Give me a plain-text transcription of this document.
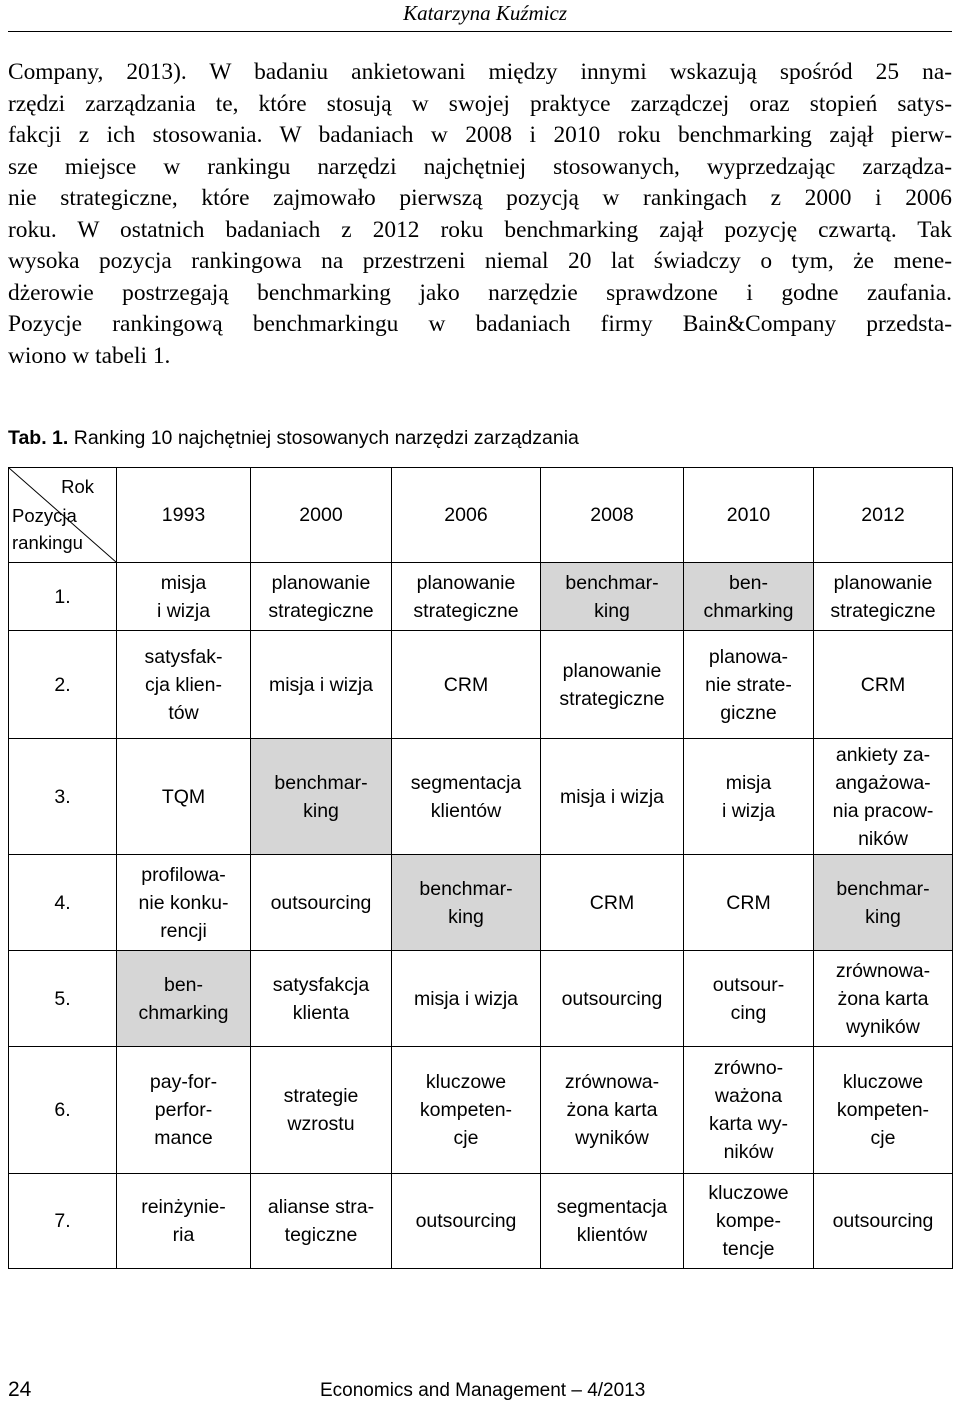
Katarzyna Kuźmicz
Company, 2013). W badaniu ankietowani między innymi wskazują spośród 25 na-
rzędzi zarządzania te, które stosują w swojej praktyce zarządczej oraz stopień satys-
fakcji z ich stosowania. W badaniach w 2008 i 2010 roku benchmarking zajął pierw-
sze miejsce w rankingu narzędzi najchętniej stosowanych, wyprzedzając zarządza-
nie strategiczne, które zajmowało pierwszą pozycją w rankingach z 2000 i 2006
roku. W ostatnich badaniach z 2012 roku benchmarking zajął pozycję czwartą. Tak
wysoka pozycja rankingowa na przestrzeni niemal 20 lat świadczy o tym, że mene-
dżerowie postrzegają benchmarking jako narzędzie sprawdzone i godne zaufania.
Pozycje rankingową benchmarkingu w badaniach firmy Bain&Company przedsta-
wiono w tabeli 1.
Tab. 1. Ranking 10 najchętniej stosowanych narzędzi zarządzania
Rok
Pozycja
rankingu	1993	2000	2006	2008	2010	2012
1.	misja
i wizja	planowanie
strategiczne	planowanie
strategiczne	benchmar-
king	ben-
chmarking	planowanie
strategiczne
2.	satysfak-
cja klien-
tów	misja i wizja	CRM	planowanie
strategiczne	planowa-
nie strate-
giczne	CRM
3.	TQM	benchmar-
king	segmentacja
klientów	misja i wizja	misja
i wizja	ankiety za-
angażowa-
nia pracow-
ników
4.	profilowa-
nie konku-
rencji	outsourcing	benchmar-
king	CRM	CRM	benchmar-
king
5.	ben-
chmarking	satysfakcja
klienta	misja i wizja	outsourcing	outsour-
cing	zrównowa-
żona karta
wyników
6.	pay-for-
perfor-
mance	strategie
wzrostu	kluczowe
kompeten-
cje	zrównowa-
żona karta
wyników	zrówno-
ważona
karta wy-
ników	kluczowe
kompeten-
cje
7.	reinżynie-
ria	alianse stra-
tegiczne	outsourcing	segmentacja
klientów	kluczowe
kompe-
tencje	outsourcing
24	Economics and Management – 4/2013
